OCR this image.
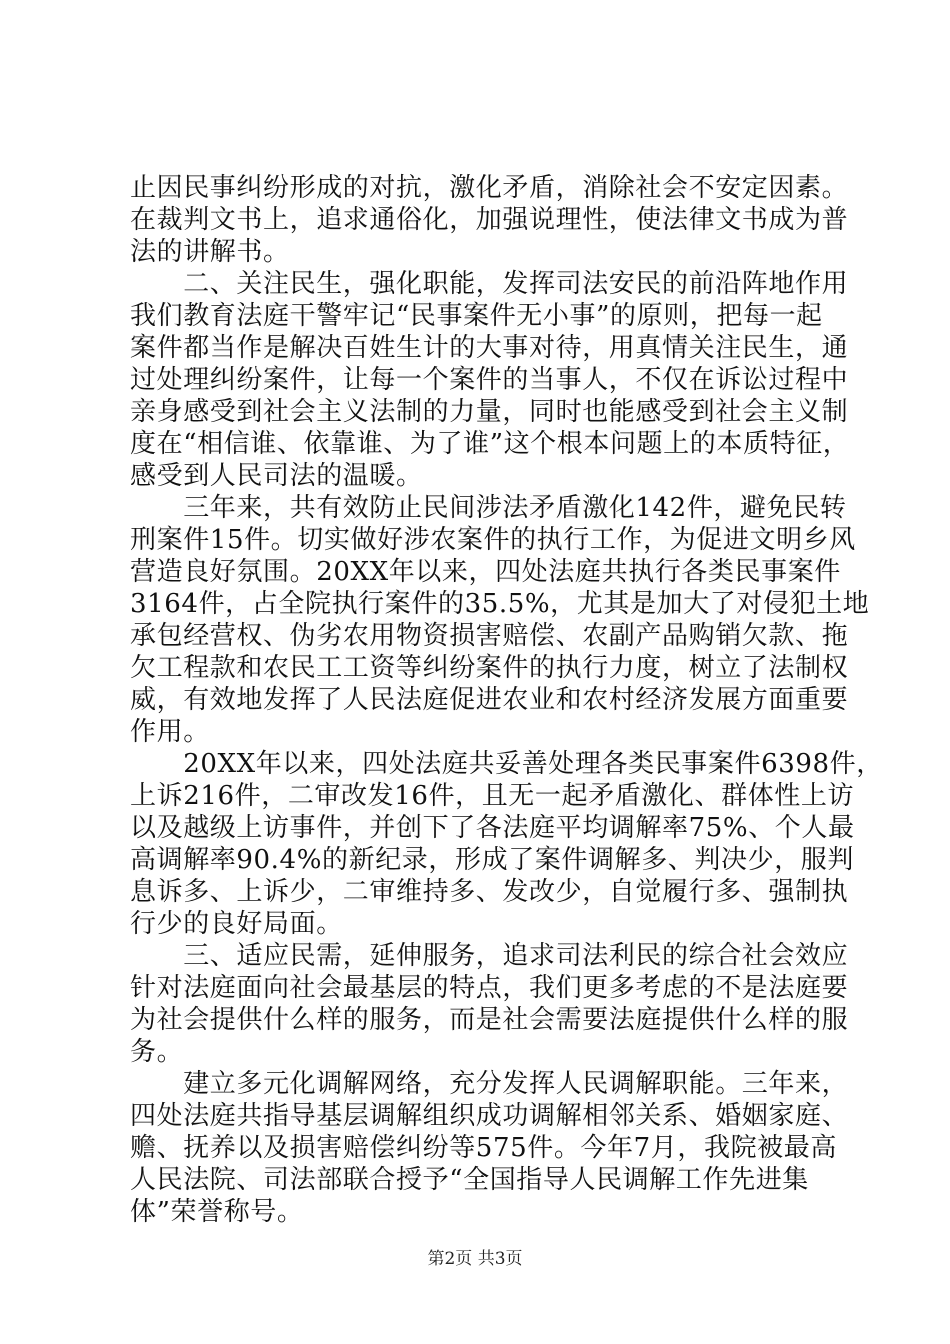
止因民事纠纷形成的对抗，激化矛盾，消除社会不安定因素。
在裁判文书上，追求通俗化，加强说理性，使法律文书成为普
法的讲解书。
　　二、关注民生，强化职能，发挥司法安民的前沿阵地作用
我们教育法庭干警牢记“民事案件无小事”的原则，把每一起
案件都当作是解决百姓生计的大事对待，用真情关注民生，通
过处理纠纷案件，让每一个案件的当事人，不仅在诉讼过程中
亲身感受到社会主义法制的力量，同时也能感受到社会主义制
度在“相信谁、依靠谁、为了谁”这个根本问题上的本质特征，
感受到人民司法的温暖。
　　三年来，共有效防止民间涉法矛盾激化142件，避免民转
刑案件15件。切实做好涉农案件的执行工作，为促进文明乡风
营造良好氛围。20XX年以来，四处法庭共执行各类民事案件
3164件，占全院执行案件的35.5%，尤其是加大了对侵犯土地
承包经营权、伪劣农用物资损害赔偿、农副产品购销欠款、拖
欠工程款和农民工工资等纠纷案件的执行力度，树立了法制权
威，有效地发挥了人民法庭促进农业和农村经济发展方面重要
作用。
　　20XX年以来，四处法庭共妥善处理各类民事案件6398件，
上诉216件，二审改发16件，且无一起矛盾激化、群体性上访
以及越级上访事件，并创下了各法庭平均调解率75%、个人最
高调解率90.4%的新纪录，形成了案件调解多、判决少，服判
息诉多、上诉少，二审维持多、发改少，自觉履行多、强制执
行少的良好局面。
　　三、适应民需，延伸服务，追求司法利民的综合社会效应
针对法庭面向社会最基层的特点，我们更多考虑的不是法庭要
为社会提供什么样的服务，而是社会需要法庭提供什么样的服
务。
　　建立多元化调解网络，充分发挥人民调解职能。三年来，
四处法庭共指导基层调解组织成功调解相邻关系、婚姻家庭、
赡、抚养以及损害赔偿纠纷等575件。今年7月，我院被最高
人民法院、司法部联合授予“全国指导人民调解工作先进集
体”荣誉称号。
第2页 共3页
